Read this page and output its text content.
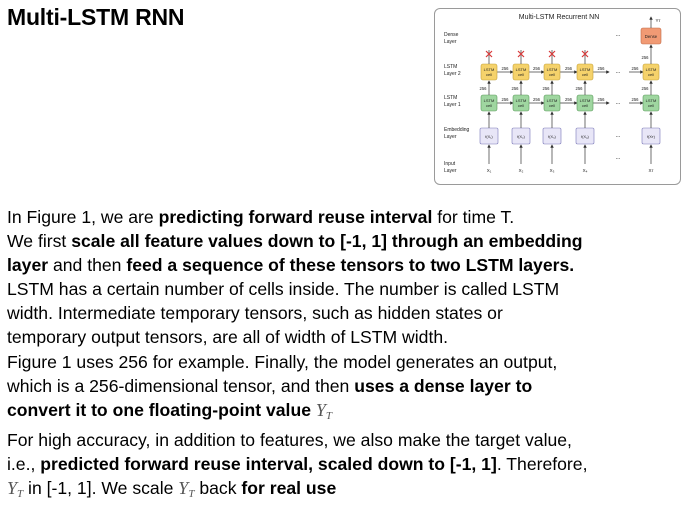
Multi-LSTM RNN	Multi-LSTM Recurrent NN
Dense
Layer
LSTM
Layer 2
LSTM
Layer 1
Embedding
Layer
Input
Layer
256
256
256
256
256
256
256
256
256
256
...
...
...
...
...
X₁
f(X₁)
LSTM
cell
256
LSTM
cell
X₂
f(X₂)
LSTM
cell
256
LSTM
cell
X₃
f(X₃)
LSTM
cell
256
LSTM
cell
X₄
f(X₄)
LSTM
cell
256
LSTM
cell
Xт
f(Xт)
LSTM
cell
256
LSTM
cell
256
Dense
Yт
In Figure 1, we are predicting forward reuse interval for time T.
We first scale all feature values down to [-1, 1] through an embedding
layer and then feed a sequence of these tensors to two LSTM layers.
LSTM has a certain number of cells inside. The number is called LSTM
width. Intermediate temporary tensors, such as hidden states or
temporary output tensors, are all of width of LSTM width.
Figure 1 uses 256 for example. Finally, the model generates an output,
which is a 256-dimensional tensor, and then uses a dense layer to
convert it to one floating-point value $Y_T$
For high accuracy, in addition to features, we also make the target value,
i.e., predicted forward reuse interval, scaled down to [-1, 1]. Therefore,
$Y_T$ in [-1, 1]. We scale $Y_T$ back for real use
